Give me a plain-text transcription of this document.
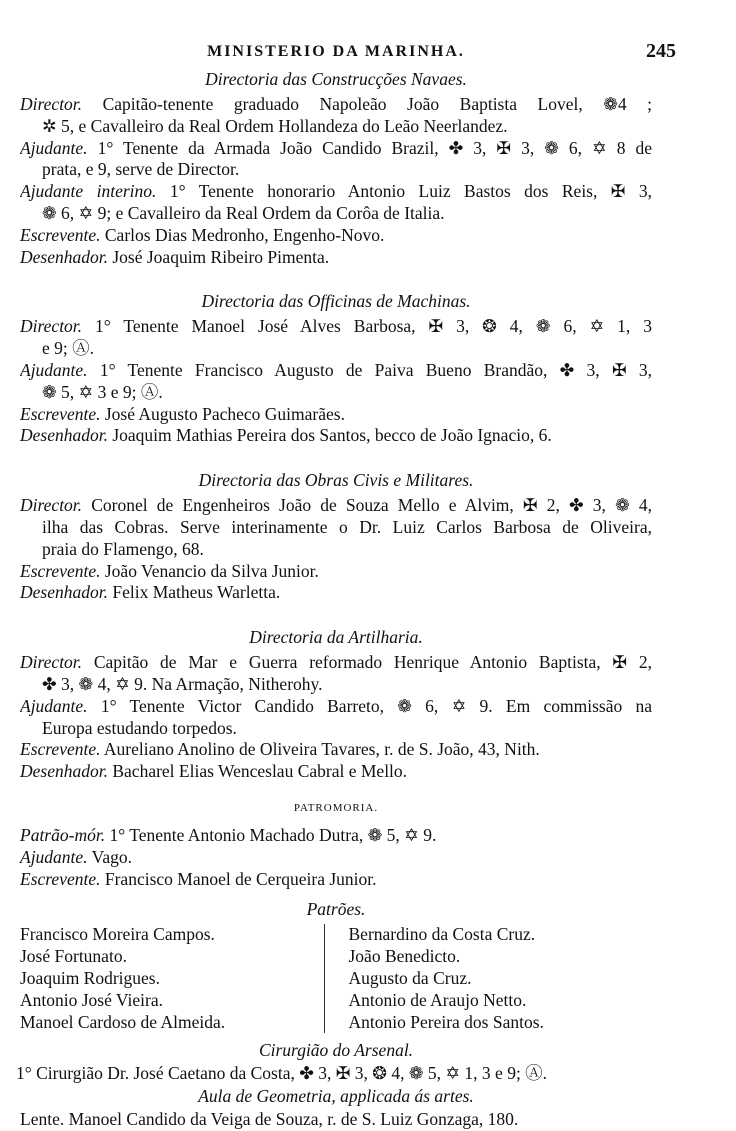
MINISTERIO DA MARINHA.	245
Directoria das Construcções Navaes.
Director. Capitão-tenente graduado Napoleão João Baptista Lovel, ❁4 ;
✲ 5, e Cavalleiro da Real Ordem Hollandeza do Leão Neerlandez.
Ajudante. 1° Tenente da Armada João Candido Brazil, ✤ 3, ✠ 3, ❁ 6, ✡ 8 de
prata, e 9, serve de Director.
Ajudante interino. 1° Tenente honorario Antonio Luiz Bastos dos Reis, ✠ 3,
❁ 6, ✡ 9; e Cavalleiro da Real Ordem da Corôa de Italia.
Escrevente. Carlos Dias Medronho, Engenho-Novo.
Desenhador. José Joaquim Ribeiro Pimenta.
Directoria das Officinas de Machinas.
Director. 1° Tenente Manoel José Alves Barbosa, ✠ 3, ❂ 4, ❁ 6, ✡ 1, 3
e 9; Ⓐ.
Ajudante. 1° Tenente Francisco Augusto de Paiva Bueno Brandão, ✤ 3, ✠ 3,
❁ 5, ✡ 3 e 9; Ⓐ.
Escrevente. José Augusto Pacheco Guimarães.
Desenhador. Joaquim Mathias Pereira dos Santos, becco de João Ignacio, 6.
Directoria das Obras Civis e Militares.
Director. Coronel de Engenheiros João de Souza Mello e Alvim, ✠ 2, ✤ 3, ❁ 4,
ilha das Cobras. Serve interinamente o Dr. Luiz Carlos Barbosa de Oliveira,
praia do Flamengo, 68.
Escrevente. João Venancio da Silva Junior.
Desenhador. Felix Matheus Warletta.
Directoria da Artilharia.
Director. Capitão de Mar e Guerra reformado Henrique Antonio Baptista, ✠ 2,
✤ 3, ❁ 4, ✡ 9. Na Armação, Nitherohy.
Ajudante. 1° Tenente Victor Candido Barreto, ❁ 6, ✡ 9. Em commissão na
Europa estudando torpedos.
Escrevente. Aureliano Anolino de Oliveira Tavares, r. de S. João, 43, Nith.
Desenhador. Bacharel Elias Wenceslau Cabral e Mello.
PATROMORIA.
Patrão-mór. 1° Tenente Antonio Machado Dutra, ❁ 5, ✡ 9.
Ajudante. Vago.
Escrevente. Francisco Manoel de Cerqueira Junior.
Patrões.
Francisco Moreira Campos.
José Fortunato.
Joaquim Rodrigues.
Antonio José Vieira.
Manoel Cardoso de Almeida.
Bernardino da Costa Cruz.
João Benedicto.
Augusto da Cruz.
Antonio de Araujo Netto.
Antonio Pereira dos Santos.
Cirurgião do Arsenal.
1° Cirurgião Dr. José Caetano da Costa, ✤ 3, ✠ 3, ❂ 4, ❁ 5, ✡ 1, 3 e 9; Ⓐ.
Aula de Geometria, applicada ás artes.
Lente. Manoel Candido da Veiga de Souza, r. de S. Luiz Gonzaga, 180.
